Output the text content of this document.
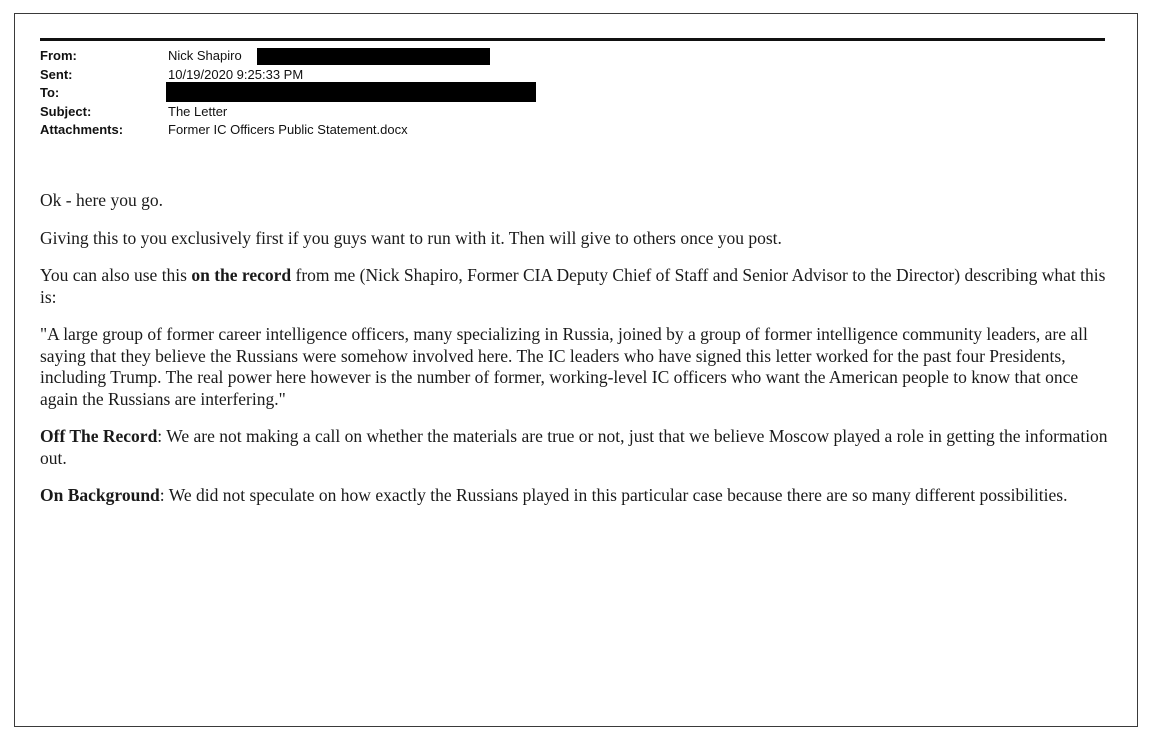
From:	Nick Shapiro
Sent:	10/19/2020 9:25:33 PM
To:
Subject:	The Letter
Attachments:	Former IC Officers Public Statement.docx

Ok - here you go.

Giving this to you exclusively first if you guys want to run with it. Then will give to others once you post.

You can also use this on the record from me (Nick Shapiro, Former CIA Deputy Chief of Staff and Senior Advisor to the Director) describing what this is:

"A large group of former career intelligence officers, many specializing in Russia, joined by a group of former intelligence community leaders, are all saying that they believe the Russians were somehow involved here. The IC leaders who have signed this letter worked for the past four Presidents, including Trump. The real power here however is the number of former, working-level IC officers who want the American people to know that once again the Russians are interfering."

Off The Record: We are not making a call on whether the materials are true or not, just that we believe Moscow played a role in getting the information out.

On Background: We did not speculate on how exactly the Russians played in this particular case because there are so many different possibilities.
